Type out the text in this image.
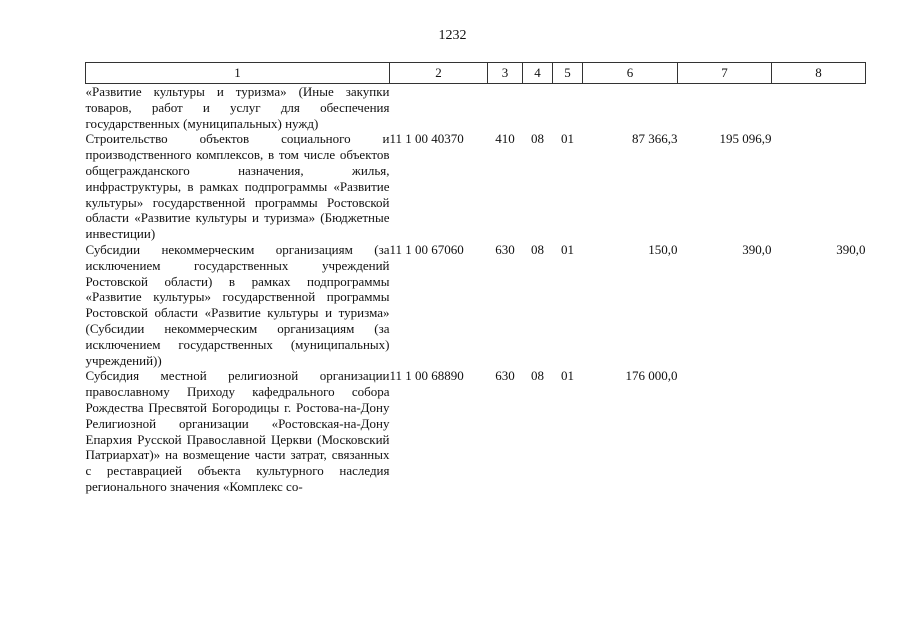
1232
1	2	3	4	5	6	7	8
«Развитие культуры и туризма» (Иные закупки товаров, работ и услуг для обеспечения государственных (муниципальных) нужд)							
Строительство объектов социального и производственного комплексов, в том числе объектов общегражданского назначения, жилья, инфраструктуры, в рамках подпрограммы «Развитие культуры» государственной программы Ростовской области «Развитие культуры и туризма» (Бюджетные инвестиции)	11 1 00 40370	410	08	01	87 366,3	195 096,9	
Субсидии некоммерческим организациям (за исключением государственных учреждений Ростовской области) в рамках подпрограммы «Развитие культуры» государственной программы Ростовской области «Развитие культуры и туризма» (Субсидии некоммерческим организациям (за исключением государственных (муниципальных) учреждений))	11 1 00 67060	630	08	01	150,0	390,0	390,0
Субсидия местной религиозной организации православному Приходу кафедрального собора Рождества Пресвятой Богородицы г. Ростова-на-Дону Религиозной организации «Ростовская-на-Дону Епархия Русской Православной Церкви (Московский Патриархат)» на возмещение части затрат, связанных с реставрацией объекта культурного наследия регионального значения «Комплекс со-	11 1 00 68890	630	08	01	176 000,0		
